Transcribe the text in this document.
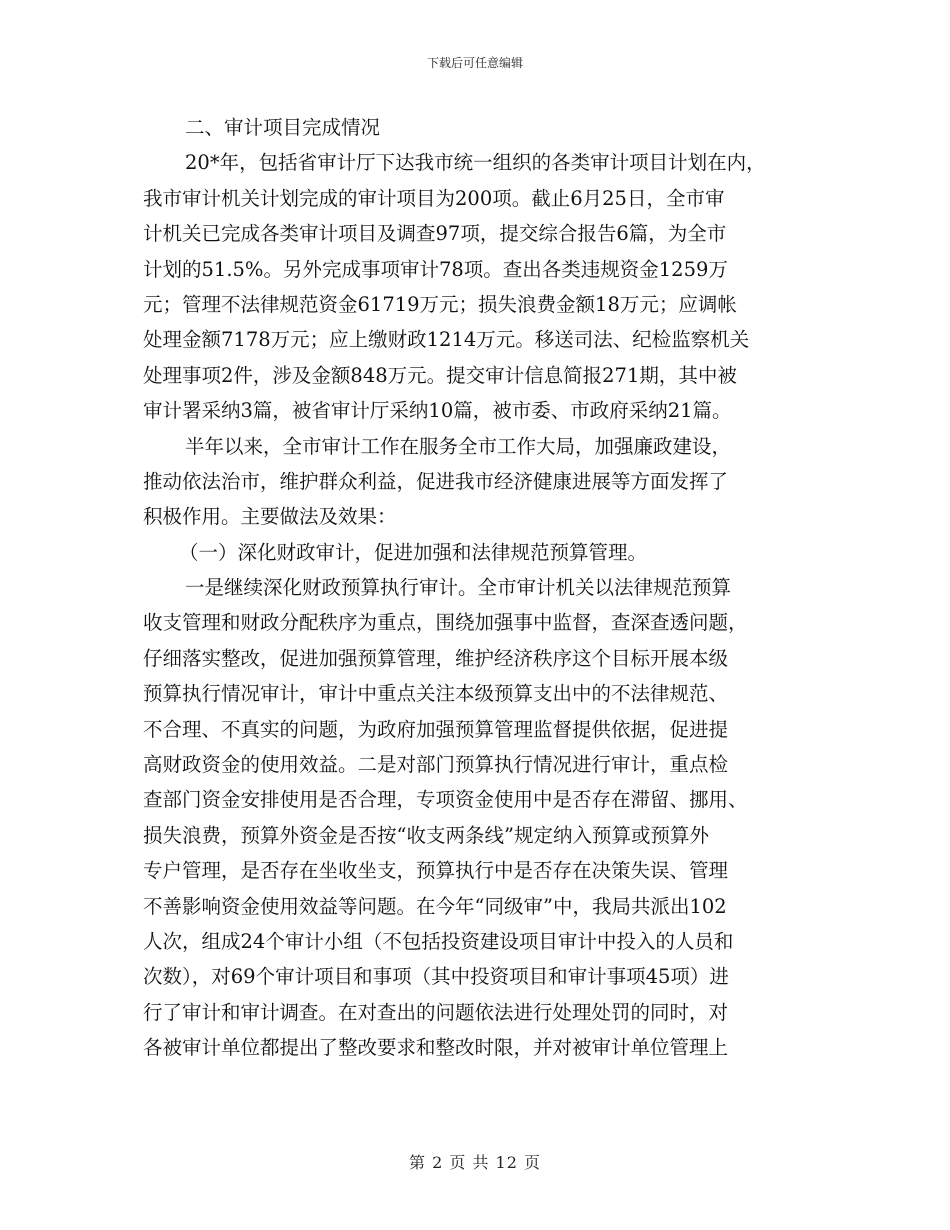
下载后可任意编辑
二、审计项目完成情况
20*年，包括省审计厅下达我市统一组织的各类审计项目计划在内，
我市审计机关计划完成的审计项目为200项。截止6月25日，全市审
计机关已完成各类审计项目及调查97项，提交综合报告6篇，为全市
计划的51.5%。另外完成事项审计78项。查出各类违规资金1259万
元；管理不法律规范资金61719万元；损失浪费金额18万元；应调帐
处理金额7178万元；应上缴财政1214万元。移送司法、纪检监察机关
处理事项2件，涉及金额848万元。提交审计信息简报271期，其中被
审计署采纳3篇，被省审计厅采纳10篇，被市委、市政府采纳21篇。
半年以来，全市审计工作在服务全市工作大局，加强廉政建设，
推动依法治市，维护群众利益，促进我市经济健康进展等方面发挥了
积极作用。主要做法及效果：
（一）深化财政审计，促进加强和法律规范预算管理。
一是继续深化财政预算执行审计。全市审计机关以法律规范预算
收支管理和财政分配秩序为重点，围绕加强事中监督，查深查透问题，
仔细落实整改，促进加强预算管理，维护经济秩序这个目标开展本级
预算执行情况审计，审计中重点关注本级预算支出中的不法律规范、
不合理、不真实的问题，为政府加强预算管理监督提供依据，促进提
高财政资金的使用效益。二是对部门预算执行情况进行审计，重点检
查部门资金安排使用是否合理，专项资金使用中是否存在滞留、挪用、
损失浪费，预算外资金是否按“收支两条线”规定纳入预算或预算外
专户管理，是否存在坐收坐支，预算执行中是否存在决策失误、管理
不善影响资金使用效益等问题。在今年“同级审”中，我局共派出102
人次，组成24个审计小组（不包括投资建设项目审计中投入的人员和
次数），对69个审计项目和事项（其中投资项目和审计事项45项）进
行了审计和审计调查。在对查出的问题依法进行处理处罚的同时，对
各被审计单位都提出了整改要求和整改时限，并对被审计单位管理上
第 2 页 共 12 页
